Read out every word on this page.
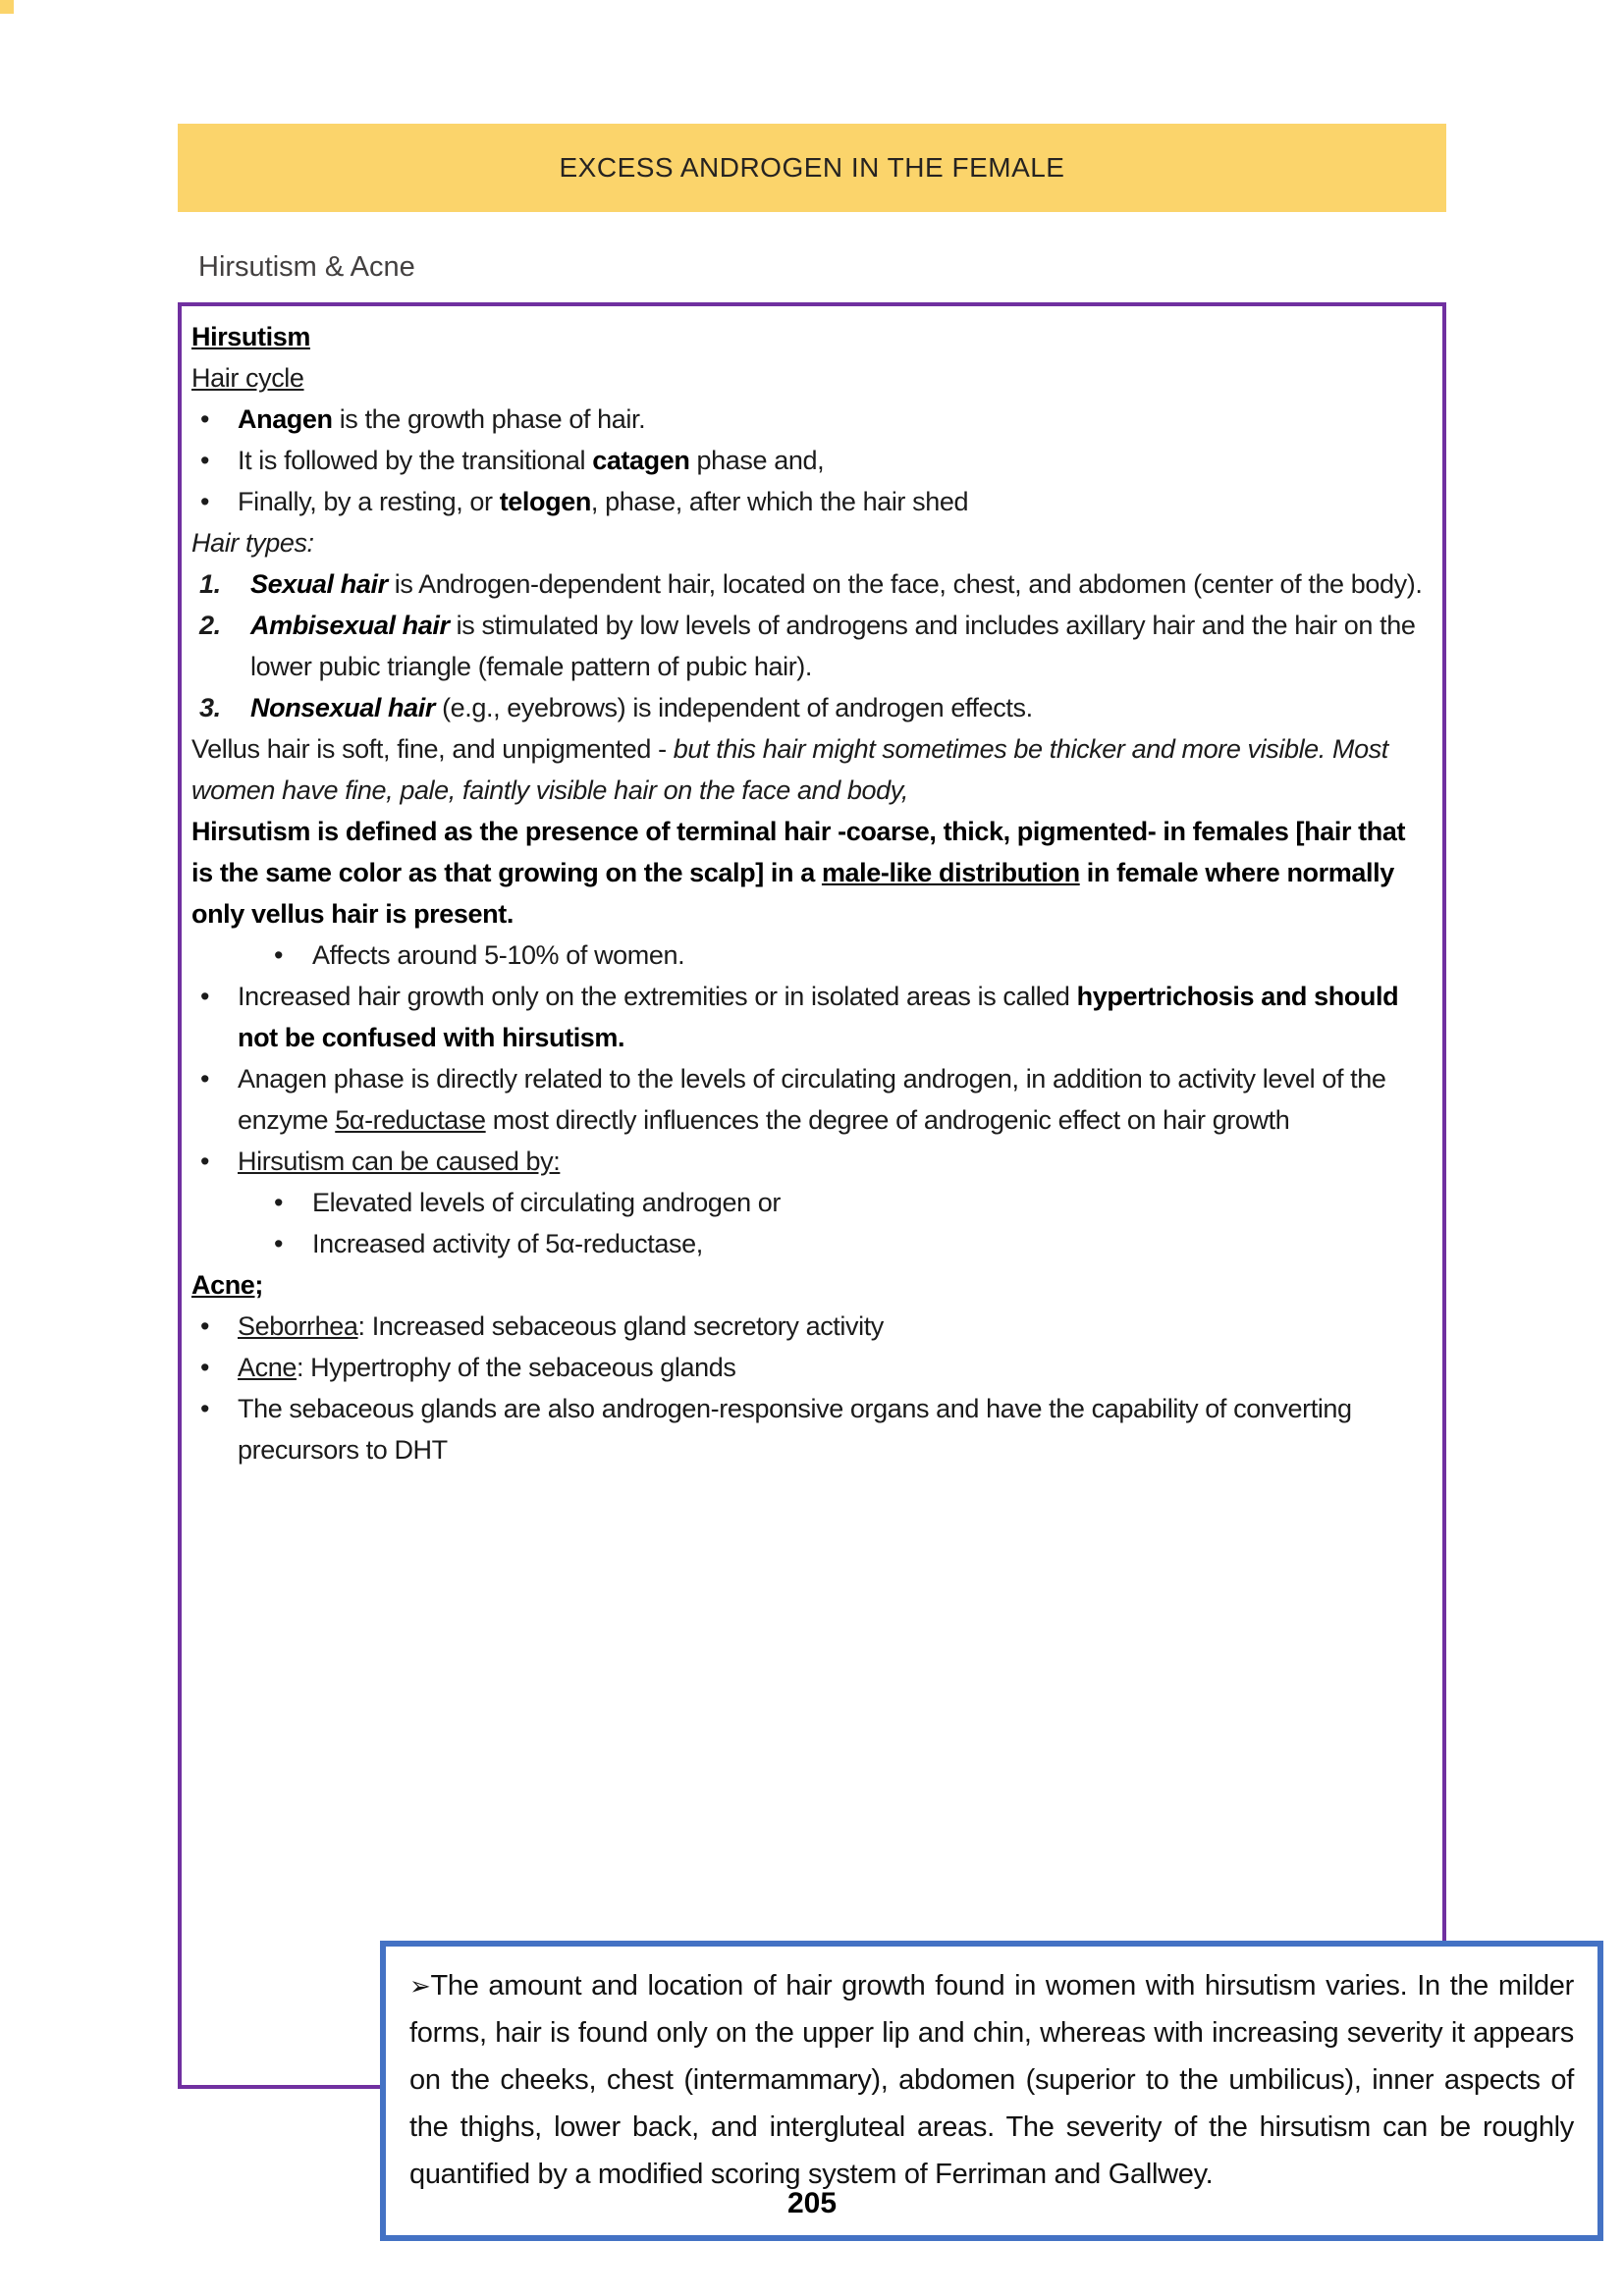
EXCESS ANDROGEN IN THE FEMALE
Hirsutism & Acne
Hirsutism
Hair cycle
• Anagen is the growth phase of hair.
• It is followed by the transitional catagen phase and,
• Finally, by a resting, or telogen, phase, after which the hair shed
Hair types:
1. Sexual hair is Androgen-dependent hair, located on the face, chest, and abdomen (center of the body).
2. Ambisexual hair is stimulated by low levels of androgens and includes axillary hair and the hair on the lower pubic triangle (female pattern of pubic hair).
3. Nonsexual hair (e.g., eyebrows) is independent of androgen effects.
Vellus hair is soft, fine, and unpigmented - but this hair might sometimes be thicker and more visible. Most women have fine, pale, faintly visible hair on the face and body,
Hirsutism is defined as the presence of terminal hair -coarse, thick, pigmented- in females [hair that is the same color as that growing on the scalp] in a male-like distribution in female where normally only vellus hair is present.
• Affects around 5-10% of women.
• Increased hair growth only on the extremities or in isolated areas is called hypertrichosis and should not be confused with hirsutism.
• Anagen phase is directly related to the levels of circulating androgen, in addition to activity level of the enzyme 5α-reductase most directly influences the degree of androgenic effect on hair growth
• Hirsutism can be caused by:
• Elevated levels of circulating androgen or
• Increased activity of 5α-reductase,
Acne;
• Seborrhea: Increased sebaceous gland secretory activity
• Acne: Hypertrophy of the sebaceous glands
• The sebaceous glands are also androgen-responsive organs and have the capability of converting precursors to DHT
➢The amount and location of hair growth found in women with hirsutism varies. In the milder forms, hair is found only on the upper lip and chin, whereas with increasing severity it appears on the cheeks, chest (intermammary), abdomen (superior to the umbilicus), inner aspects of the thighs, lower back, and intergluteal areas. The severity of the hirsutism can be roughly quantified by a modified scoring system of Ferriman and Gallwey.
205
